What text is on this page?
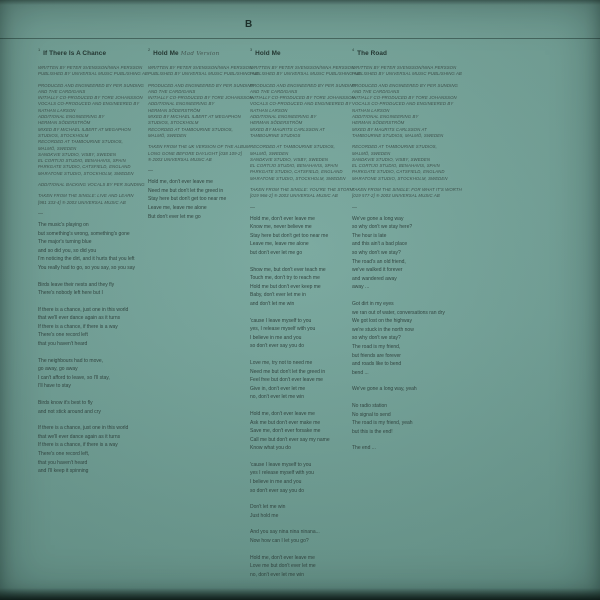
B
$^1$ If There Is A Chance

WRITTEN BY PETER SVENSSON/NINA PERSSON
PUBLISHED BY UNIVERSAL MUSIC PUBLISHING AB

PRODUCED AND ENGINEERED BY PER SUNDING
AND THE CARDIGANS
INITIALLY CO-PRODUCED BY TORE JOHANSSON
VOCALS CO-PRODUCED AND ENGINEERED BY
NATHAN LARSON
ADDITIONAL ENGINEERING BY
HERMAN SÖDERSTRÖM
MIXED BY MICHAEL ILBERT AT MEGAPHON
STUDIOS, STOCKHOLM
RECORDED AT TAMBOURINE STUDIOS,
MALMÖ, SWEDEN
SANDKVIE STUDIO, VISBY, SWEDEN
EL CORTIJO STUDIO, BENAHAVIS, SPAIN
PARKGATE STUDIO, CATSFIELD, ENGLAND
MARATONE STUDIO, STOCKHOLM, SWEDEN

ADDITIONAL BACKING VOCALS BY PER SUNDING

TAKEN FROM THE SINGLE: LIVE AND LEARN
[981 333-4] ℗ 2003 UNIVERSAL MUSIC AB

—

The music's playing on
but something's wrong, something's gone
The major's turning blue
and so did you, so did you
I'm noticing the dirt, and it hurts that you left
You really had to go, so you say, so you say

Birds leave their nests and they fly
There's nobody left here but I

If there is a chance, just one in this world
that we'll ever dance again as it turns
If there is a chance, if there is a way
There's one record left
that you haven't heard

The neighbours had to move,
go away, go away
I can't afford to leave, so I'll stay,
I'll have to stay

Birds know it's best to fly
and not stick around and cry

If there is a chance, just one in this world
that we'll ever dance again as it turns
If there is a chance, if there is a way
There's one record left,
that you haven't heard
and I'll keep it spinning

$^2$ Hold Me Mad Version

WRITTEN BY PETER SVENSSON/NINA PERSSON
PUBLISHED BY UNIVERSAL MUSIC PUBLISHING AB

PRODUCED AND ENGINEERED BY PER SUNDING
AND THE CARDIGANS
INITIALLY CO-PRODUCED BY TORE JOHANSSON
ADDITIONAL ENGINEERING BY
HERMAN SÖDERSTRÖM
MIXED BY MICHAEL ILBERT AT MEGAPHON
STUDIOS, STOCKHOLM
RECORDED AT TAMBOURINE STUDIOS,
MALMÖ, SWEDEN

TAKEN FROM THE UK VERSION OF THE ALBUM
LONG GONE BEFORE DAYLIGHT [038 109-2]
℗ 2003 UNIVERSAL MUSIC AB

—

Hold me, don't ever leave me
Need me but don't let the greed in
Stay here but don't get too near me
Leave me, leave me alone
But don't ever let me go

$^3$ Hold Me

WRITTEN BY PETER SVENSSON/NINA PERSSON
PUBLISHED BY UNIVERSAL MUSIC PUBLISHING AB

PRODUCED AND ENGINEERED BY PER SUNDING
AND THE CARDIGANS
INITIALLY CO-PRODUCED BY TORE JOHANSSON
VOCALS CO-PRODUCED AND ENGINEERED BY
NATHAN LARSON
ADDITIONAL ENGINEERING BY
HERMAN SÖDERSTRÖM
MIXED BY MAURITS CARLSSON AT
TAMBOURINE STUDIOS

RECORDED AT TAMBOURINE STUDIOS,
MALMÖ, SWEDEN
SANDKVIE STUDIO, VISBY, SWEDEN
EL CORTIJO STUDIO, BENAHAVIS, SPAIN
PARKGATE STUDIO, CATSFIELD, ENGLAND
MARATONE STUDIO, STOCKHOLM, SWEDEN

TAKEN FROM THE SINGLE: YOU'RE THE STORM
[019 966-2] ℗ 2003 UNIVERSAL MUSIC AB

—

Hold me, don't ever leave me
Know me, never believe me
Stay here but don't get too near me
Leave me, leave me alone
but don't ever let me go

Show me, but don't ever teach me
Touch me, don't try to reach me
Hold me but don't ever keep me
Baby, don't ever let me in
and don't let me win

'cause I leave myself to you
yes, I release myself with you
I believe in me and you
so don't ever say you do

Love me, try not to need me
Need me but don't let the greed in
Feel free but don't ever leave me
Give in, don't ever let me
no, don't ever let me win

Hold me, don't ever leave me
Ask me but don't ever make me
Save me, don't ever forsake me
Call me but don't ever say my name
Know what you do

'cause I leave myself to you
yes I release myself with you
I believe in me and you
so don't ever say you do

Don't let me win
Just hold me

And you say nina nina ninana...
Now how can I let you go?

Hold me, don't ever leave me
Love me but don't ever let me
no, don't ever let me win

$^4$ The Road

WRITTEN BY PETER SVENSSON/NINA PERSSON
PUBLISHED BY UNIVERSAL MUSIC PUBLISHING AB

PRODUCED AND ENGINEERED BY PER SUNDING
AND THE CARDIGANS
INITIALLY CO-PRODUCED BY TORE JOHANSSON
VOCALS CO-PRODUCED AND ENGINEERED BY
NATHAN LARSON
ADDITIONAL ENGINEERING BY
HERMAN SÖDERSTRÖM
MIXED BY MAURITS CARLSSON AT
TAMBOURINE STUDIOS, MALMÖ, SWEDEN

RECORDED AT TAMBOURINE STUDIOS,
MALMÖ, SWEDEN
SANDKVIE STUDIO, VISBY, SWEDEN
EL CORTIJO STUDIO, BENAHAVIS, SPAIN
PARKGATE STUDIO, CATSFIELD, ENGLAND
MARATONE STUDIO, STOCKHOLM, SWEDEN

TAKEN FROM THE SINGLE: FOR WHAT IT'S WORTH
[019 577-2] ℗ 2003 UNIVERSAL MUSIC AB

—

We've gone a long way
so why don't we stay here?
The hour is late
and this ain't a bad place
so why don't we stay?
The road's an old friend,
we've walked it forever
and wandered away
away ...

Got dirt in my eyes
we ran out of water, conversations ran dry
We got lost on the highway
we're stuck in the north now
so why don't we stay?
The road is my friend,
but friends are forever
and roads like to bend
bend ...

We've gone a long way, yeah

No radio station
No signal to send
The road is my friend, yeah
but this is the end!

The end ...
